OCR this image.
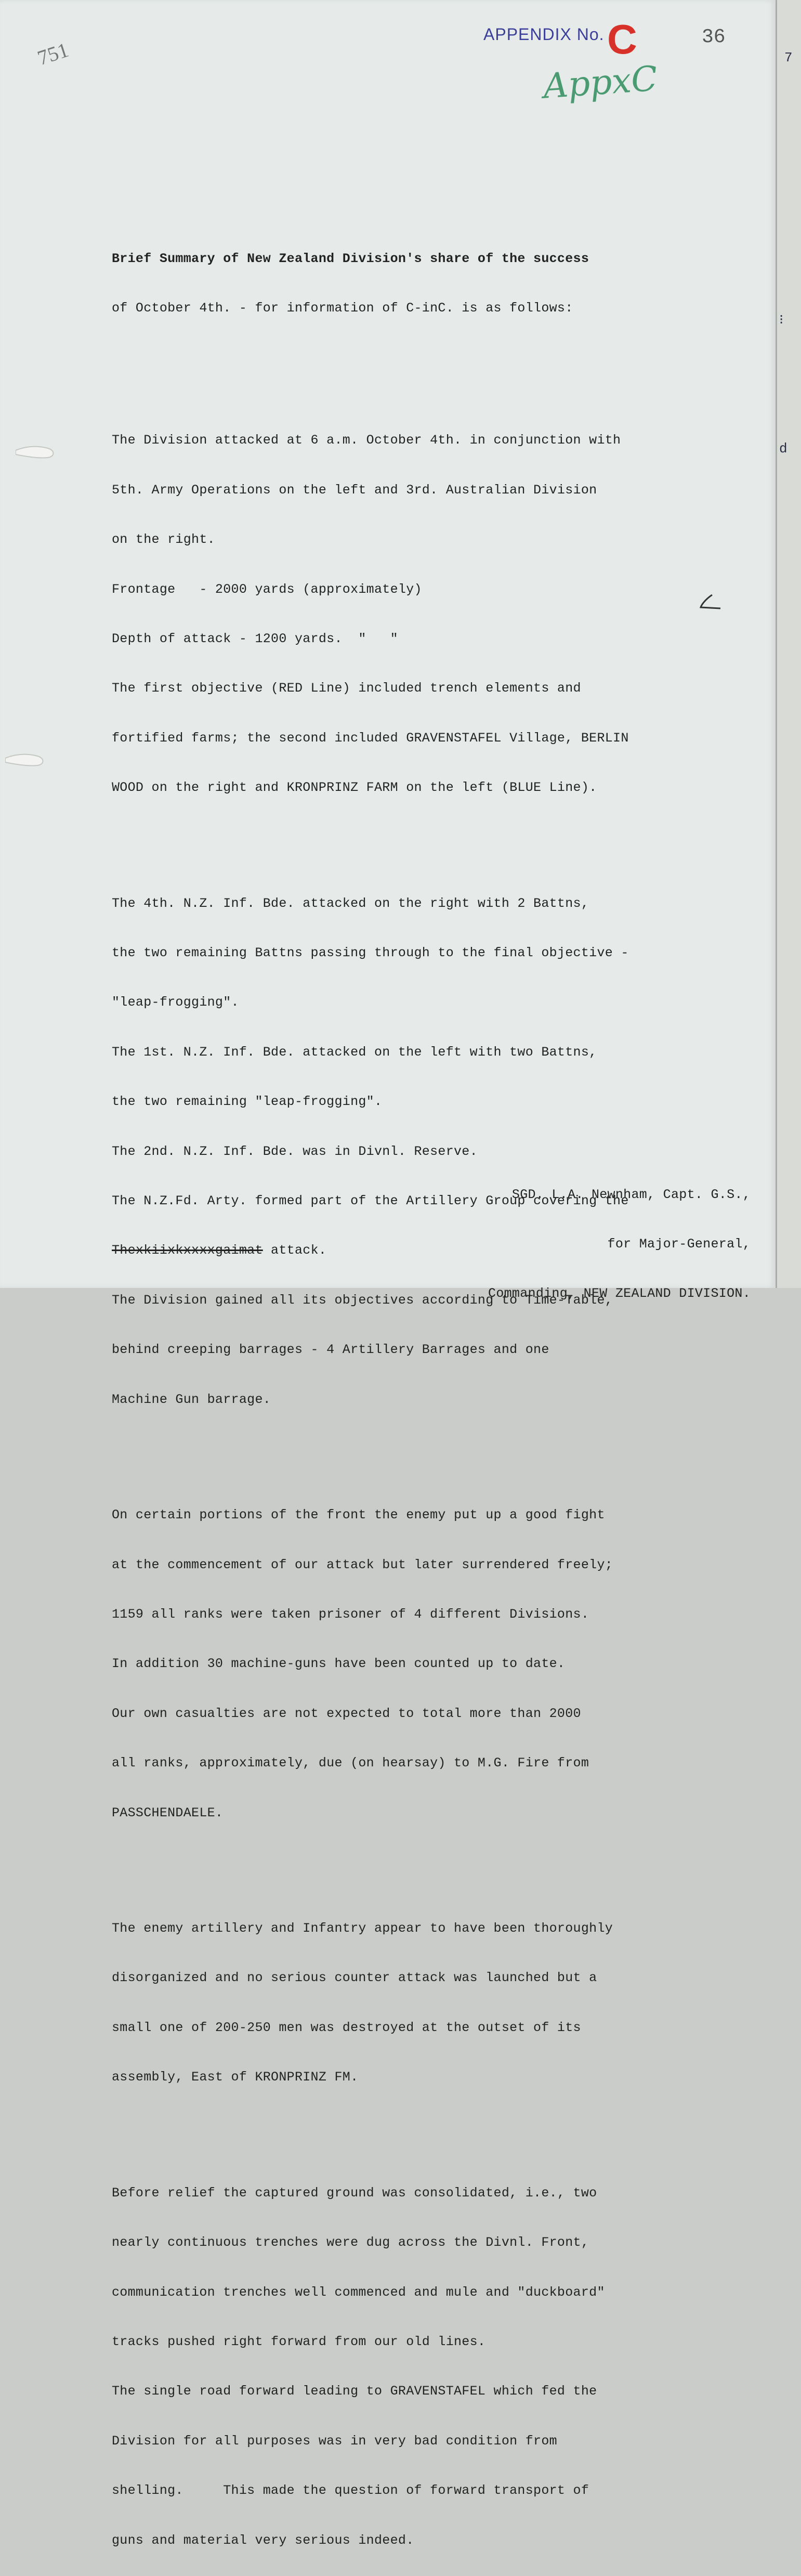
751
APPENDIX No. C	36
AppxC

Brief Summary of New Zealand Division's share of the success

of October 4th. - for information of C-inC. is as follows:

The Division attacked at 6 a.m. October 4th. in conjunction with

5th. Army Operations on the left and 3rd. Australian Division

on the right.

Frontage   - 2000 yards (approximately)

Depth of attack - 1200 yards.  "   "

The first objective (RED Line) included trench elements and

fortified farms; the second included GRAVENSTAFEL Village, BERLIN

WOOD on the right and KRONPRINZ FARM on the left (BLUE Line).

The 4th. N.Z. Inf. Bde. attacked on the right with 2 Battns,

the two remaining Battns passing through to the final objective -

"leap-frogging".

The 1st. N.Z. Inf. Bde. attacked on the left with two Battns,

the two remaining "leap-frogging".

The 2nd. N.Z. Inf. Bde. was in Divnl. Reserve.

The N.Z.Fd. Arty. formed part of the Artillery Group covering the

Thexkiixkxxxxgaimat attack.

The Division gained all its objectives according to Time-Table,

behind creeping barrages - 4 Artillery Barrages and one

Machine Gun barrage.

On certain portions of the front the enemy put up a good fight

at the commencement of our attack but later surrendered freely;

1159 all ranks were taken prisoner of 4 different Divisions.

In addition 30 machine-guns have been counted up to date.

Our own casualties are not expected to total more than 2000

all ranks, approximately, due (on hearsay) to M.G. Fire from

PASSCHENDAELE.

The enemy artillery and Infantry appear to have been thoroughly

disorganized and no serious counter attack was launched but a

small one of 200-250 men was destroyed at the outset of its

assembly, East of KRONPRINZ FM.

Before relief the captured ground was consolidated, i.e., two

nearly continuous trenches were dug across the Divnl. Front,

communication trenches well commenced and mule and "duckboard"

tracks pushed right forward from our old lines.

The single road forward leading to GRAVENSTAFEL which fed the

Division for all purposes was in very bad condition from

shelling.     This made the question of forward transport of

guns and material very serious indeed.

SGD. L.A. Newnham, Capt. G.S.,

for Major-General,

Commanding, NEW ZEALAND DIVISION.

7
⁝
d
